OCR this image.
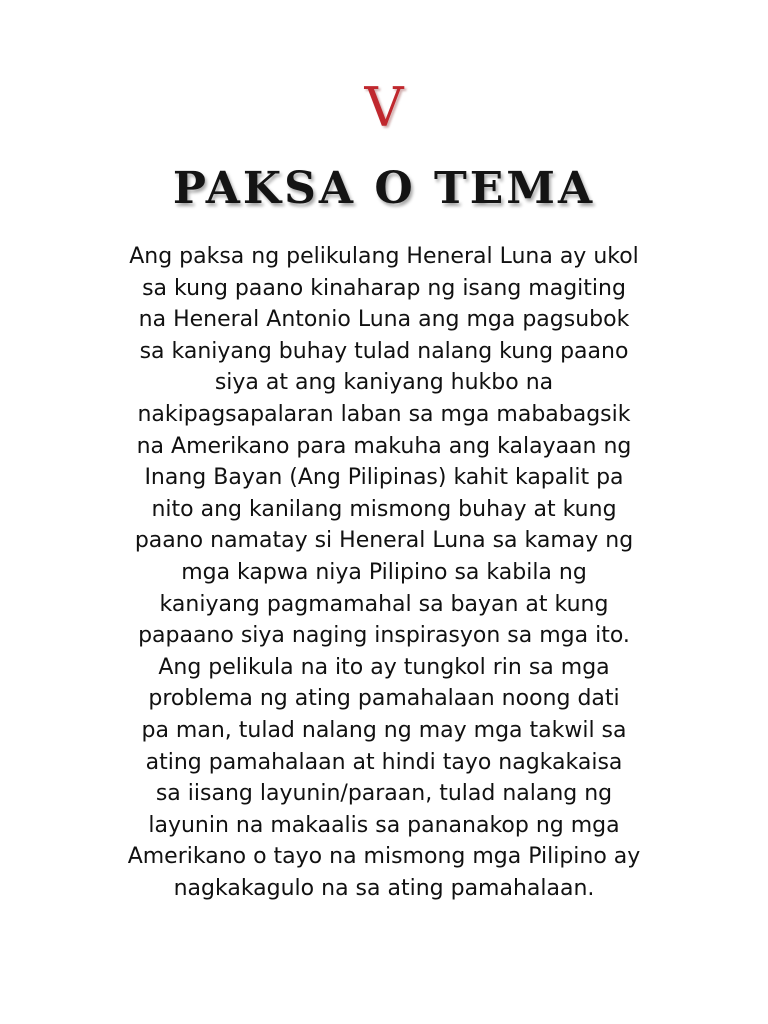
V
PAKSA O TEMA
Ang paksa ng pelikulang Heneral Luna ay ukol
sa kung paano kinaharap ng isang magiting
na Heneral Antonio Luna ang mga pagsubok
sa kaniyang buhay tulad nalang kung paano
siya at ang kaniyang hukbo na
nakipagsapalaran laban sa mga mababagsik
na Amerikano para makuha ang kalayaan ng
Inang Bayan (Ang Pilipinas) kahit kapalit pa
nito ang kanilang mismong buhay at kung
paano namatay si Heneral Luna sa kamay ng
mga kapwa niya Pilipino sa kabila ng
kaniyang pagmamahal sa bayan at kung
papaano siya naging inspirasyon sa mga ito.
Ang pelikula na ito ay tungkol rin sa mga
problema ng ating pamahalaan noong dati
pa man, tulad nalang ng may mga takwil sa
ating pamahalaan at hindi tayo nagkakaisa
sa iisang layunin/paraan, tulad nalang ng
layunin na makaalis sa pananakop ng mga
Amerikano o tayo na mismong mga Pilipino ay
nagkakagulo na sa ating pamahalaan.
